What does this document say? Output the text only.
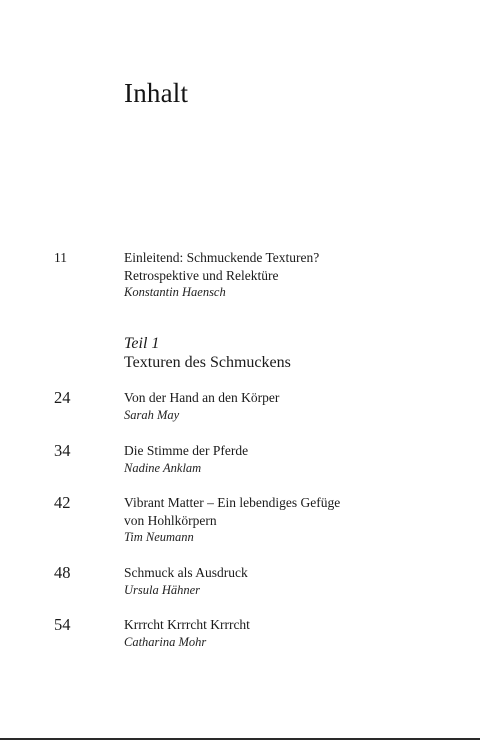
Inhalt
11	Einleitend: Schmuckende Texturen?
Retrospektive und Relektüre
Konstantin Haensch
Teil 1
Texturen des Schmuckens
24	Von der Hand an den Körper
Sarah May
34	Die Stimme der Pferde
Nadine Anklam
42	Vibrant Matter – Ein lebendiges Gefüge
von Hohlkörpern
Tim Neumann
48	Schmuck als Ausdruck
Ursula Hähner
54	Krrrcht Krrrcht Krrrcht
Catharina Mohr
